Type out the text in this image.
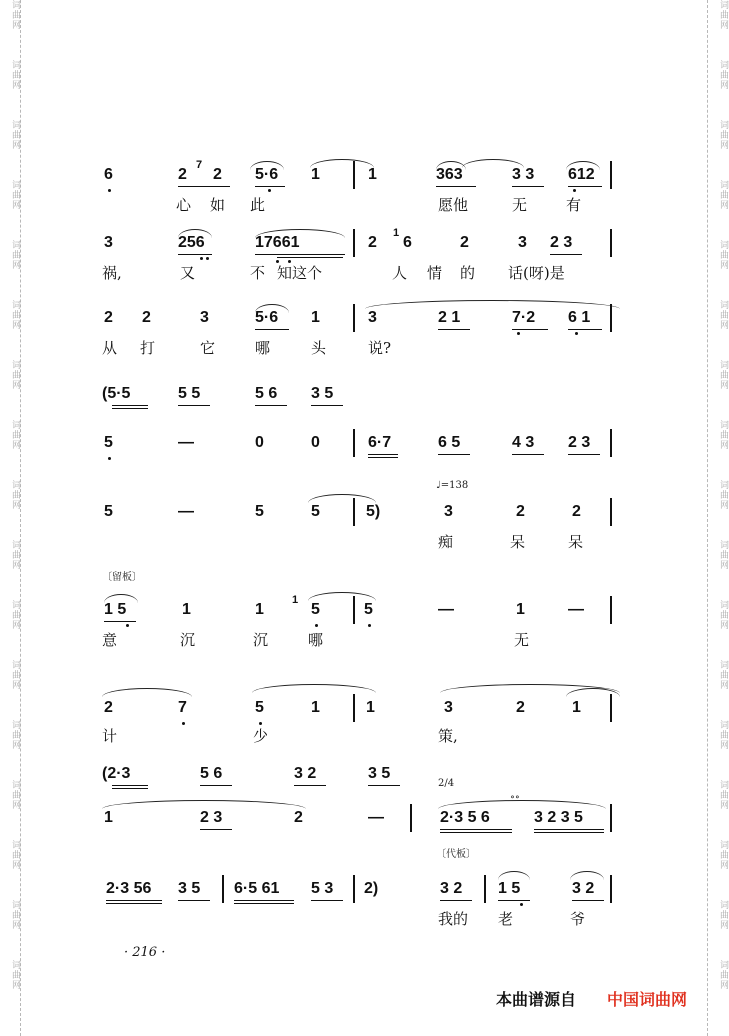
词曲网
词曲网
词曲网
词曲网
词曲网
词曲网
词曲网
词曲网
词曲网
词曲网
词曲网
词曲网
词曲网
词曲网
词曲网
词曲网
词曲网
词曲网
词曲网
词曲网
词曲网
词曲网
词曲网
词曲网
词曲网
词曲网
词曲网
词曲网
词曲网
词曲网
词曲网
词曲网
词曲网
词曲网
6	2
7
2 5·6 1	1	363	3 3 612
心 如 此	愿他	无	有
3	256	17661	2
1
6	2	3 2 3
祸,	又	不 知这个	人 情 的 话(呀)是
2 2	3	5·6 1	3	2 1	7·2 6 1
从 打	它	哪	头	说?
(5·5	5 5	5 6 3 5
5	—	0	0	6·7	6 5	4 3 2 3
♩=138
5	—	5	5	5)	3	2	2
痴	呆	呆
〔留板〕
1 5	1	1
1
5	5	—	1	—
意	沉	沉	哪	无
2	7	5	1	1	3	2	1
计	少	策,
(2·3	5 6	3 2	3 5
2/4
∘∘
1	2 3	2	—	2·3 5 6	3 2 3 5
〔代板〕
2·3 56 3 5 6·5 61 5 3 2)	3 2 1 5	3 2
我的 老	爷
· 216 ·
本曲谱源自 中国词曲网
